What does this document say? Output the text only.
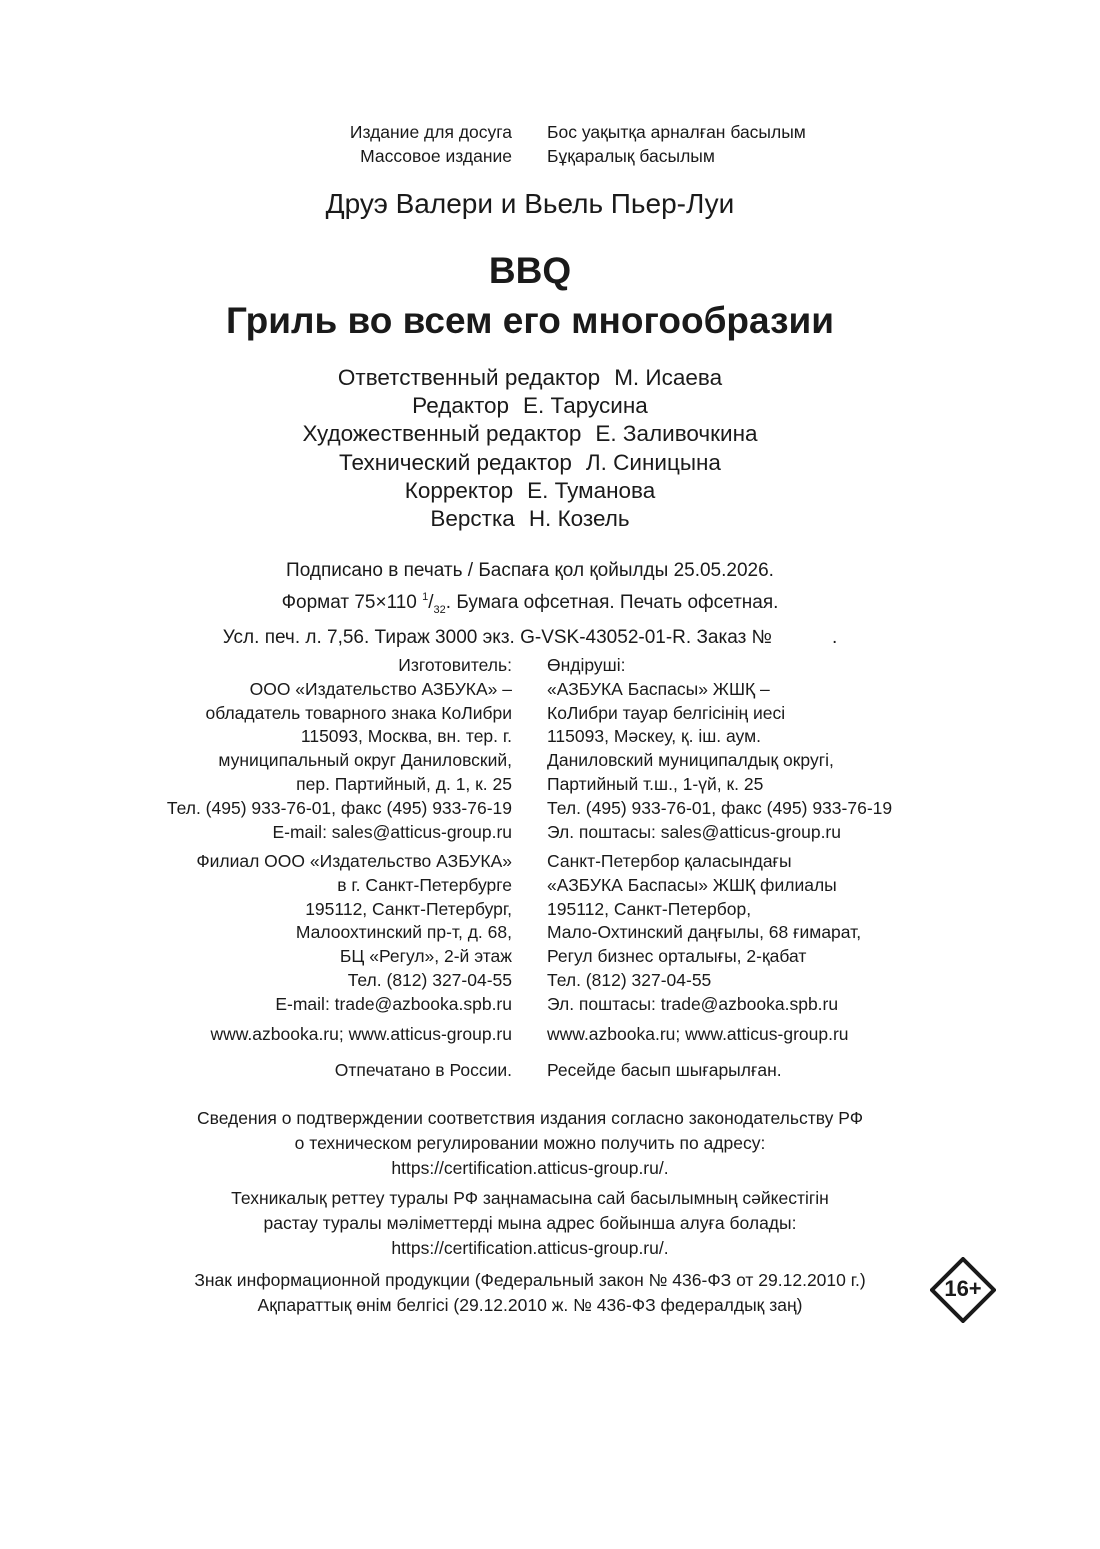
Издание для досуга Бос уақытқа арналған басылым
Массовое издание Бұқаралық басылым
Друэ Валери и Вьель Пьер-Луи
BBQ
Гриль во всем его многообразии
Ответственный редактор М. Исаева
Редактор Е. Тарусина
Художественный редактор Е. Заливочкина
Технический редактор Л. Синицына
Корректор Е. Туманова
Верстка Н. Козель
Подписано в печать / Баспаға қол қойылды 25.05.2026.
Формат 75×110 $^1/_{32}$. Бумага офсетная. Печать офсетная.
Усл. печ. л. 7,56. Тираж 3000 экз. G-VSK-43052-01-R. Заказ №	.
Изготовитель:
ООО «Издательство АЗБУКА» –
обладатель товарного знака КоЛибри
115093, Москва, вн. тер. г.
муниципальный округ Даниловский,
пер. Партийный, д. 1, к. 25
Тел. (495) 933-76-01, факс (495) 933-76-19
E-mail: sales@atticus-group.ru
Өндіруші:
«АЗБУКА Баспасы» ЖШҚ –
КоЛибри тауар белгісінің иесі
115093, Мәскеу, қ. іш. аум.
Даниловский муниципалдық округі,
Партийный т.ш., 1-үй, к. 25
Тел. (495) 933-76-01, факс (495) 933-76-19
Эл. поштасы: sales@atticus-group.ru
Филиал ООО «Издательство АЗБУКА»
в г. Санкт-Петербурге
195112, Санкт-Петербург,
Малоохтинский пр-т, д. 68,
БЦ «Регул», 2-й этаж
Тел. (812) 327-04-55
E-mail: trade@azbooka.spb.ru
Санкт-Петербор қаласындағы
«АЗБУКА Баспасы» ЖШҚ филиалы
195112, Санкт-Петербор,
Мало-Охтинский даңғылы, 68 ғимарат,
Регул бизнес орталығы, 2-қабат
Тел. (812) 327-04-55
Эл. поштасы: trade@azbooka.spb.ru
www.azbooka.ru; www.atticus-group.ru www.azbooka.ru; www.atticus-group.ru
Отпечатано в России. Ресейде басып шығарылған.
Сведения о подтверждении соответствия издания согласно законодательству РФ
о техническом регулировании можно получить по адресу:
https://certification.atticus-group.ru/.
Техникалық реттеу туралы РФ заңнамасына сай басылымның сәйкестігін
растау туралы мәліметтерді мына адрес бойынша алуға болады:
https://certification.atticus-group.ru/.
Знак информационной продукции (Федеральный закон № 436-ФЗ от 29.12.2010 г.)
Ақпараттық өнім белгісі (29.12.2010 ж. № 436-ФЗ федералдық заң)
16+
